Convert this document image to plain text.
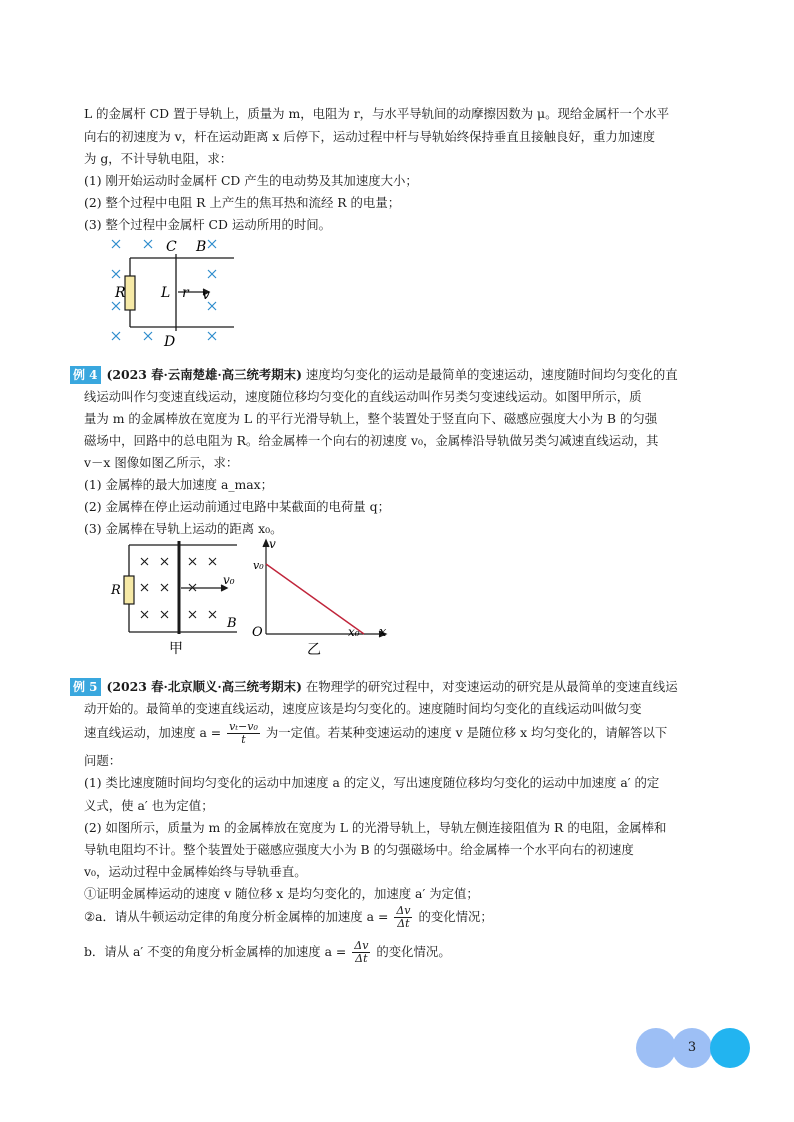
L 的金属杆 CD 置于导轨上，质量为 m，电阻为 r，与水平导轨间的动摩擦因数为 μ。现给金属杆一个水平
向右的初速度为 v，杆在运动距离 x 后停下，运动过程中杆与导轨始终保持垂直且接触良好，重力加速度
为 g，不计导轨电阻，求：
(1) 刚开始运动时金属杆 CD 产生的电动势及其加速度大小；
(2) 整个过程中电阻 R 上产生的焦耳热和流经 R 的电量；
(3) 整个过程中金属杆 CD 运动所用的时间。
R	L r v
C B
D
例 4 (2023 春·云南楚雄·高三统考期末) 速度均匀变化的运动是最简单的变速运动，速度随时间均匀变化的直
线运动叫作匀变速直线运动，速度随位移均匀变化的直线运动叫作另类匀变速线运动。如图甲所示，质
量为 m 的金属棒放在宽度为 L 的平行光滑导轨上，整个装置处于竖直向下、磁感应强度大小为 B 的匀强
磁场中，回路中的总电阻为 R。给金属棒一个向右的初速度 v₀，金属棒沿导轨做另类匀减速直线运动，其
v－x 图像如图乙所示，求：
(1) 金属棒的最大加速度 a_max；
(2) 金属棒在停止运动前通过电路中某截面的电荷量 q；
(3) 金属棒在导轨上运动的距离 x₀。
R
v₀
B
甲
v
v₀
O	x₀ x
乙
例 5 (2023 春·北京顺义·高三统考期末) 在物理学的研究过程中，对变速运动的研究是从最简单的变速直线运
动开始的。最简单的变速直线运动，速度应该是均匀变化的。速度随时间均匀变化的直线运动叫做匀变
速直线运动，加速度 $a = \frac{\text{vₜ−v₀}}{t}$ 为一定值。若某种变速运动的速度 v 是随位移 x 均匀变化的，请解答以下
问题：
(1) 类比速度随时间均匀变化的运动中加速度 a 的定义，写出速度随位移均匀变化的运动中加速度 a′ 的定
义式，使 a′ 也为定值；
(2) 如图所示，质量为 m 的金属棒放在宽度为 L 的光滑导轨上，导轨左侧连接阻值为 R 的电阻，金属棒和
导轨电阻均不计。整个装置处于磁感应强度大小为 B 的匀强磁场中。给金属棒一个水平向右的初速度
v₀，运动过程中金属棒始终与导轨垂直。
①证明金属棒运动的速度 v 随位移 x 是均匀变化的，加速度 a′ 为定值；
②a．请从牛顿运动定律的角度分析金属棒的加速度 $a = \frac{\Delta v}{\Delta t}$ 的变化情况；
b．请从 a′ 不变的角度分析金属棒的加速度 $a = \frac{\Delta v}{\Delta t}$ 的变化情况。
3
